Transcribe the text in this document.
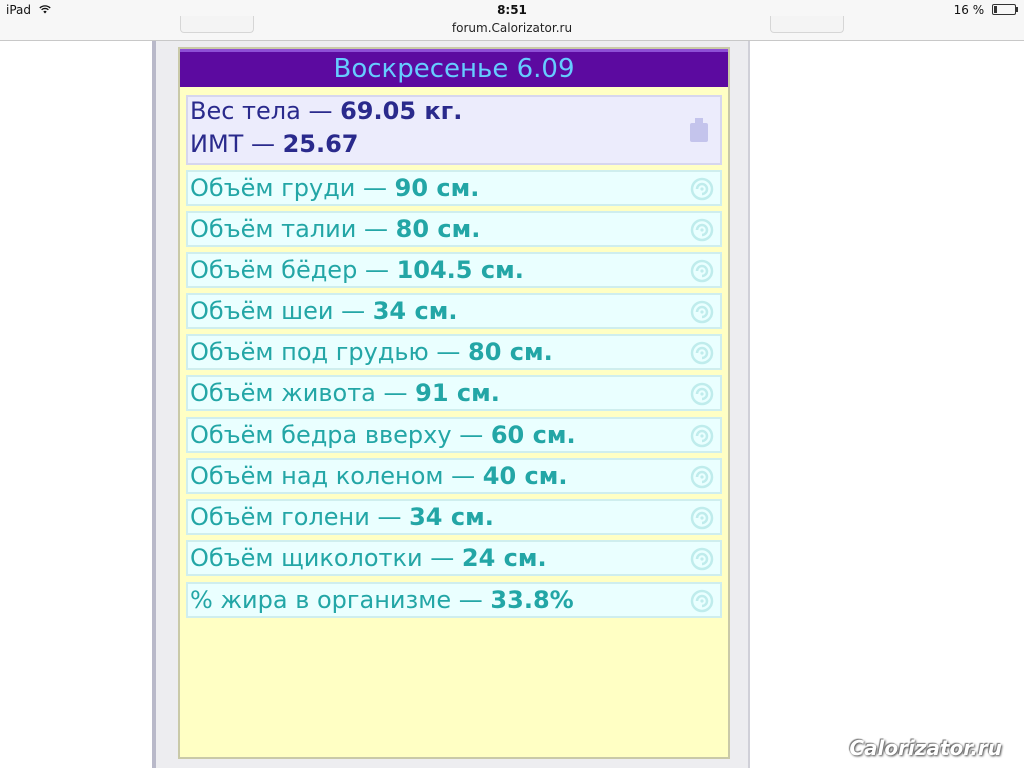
iPad	8:51	16 %
forum.Calorizator.ru
Воскресенье 6.09
Вес тела — 69.05 кг.
ИМТ — 25.67
Объём груди — 90 см.
Объём талии — 80 см.
Объём бёдер — 104.5 см.
Объём шеи — 34 см.
Объём под грудью — 80 см.
Объём живота — 91 см.
Объём бедра вверху — 60 см.
Объём над коленом — 40 см.
Объём голени — 34 см.
Объём щиколотки — 24 см.
% жира в организме — 33.8%
Calorizator.ru
